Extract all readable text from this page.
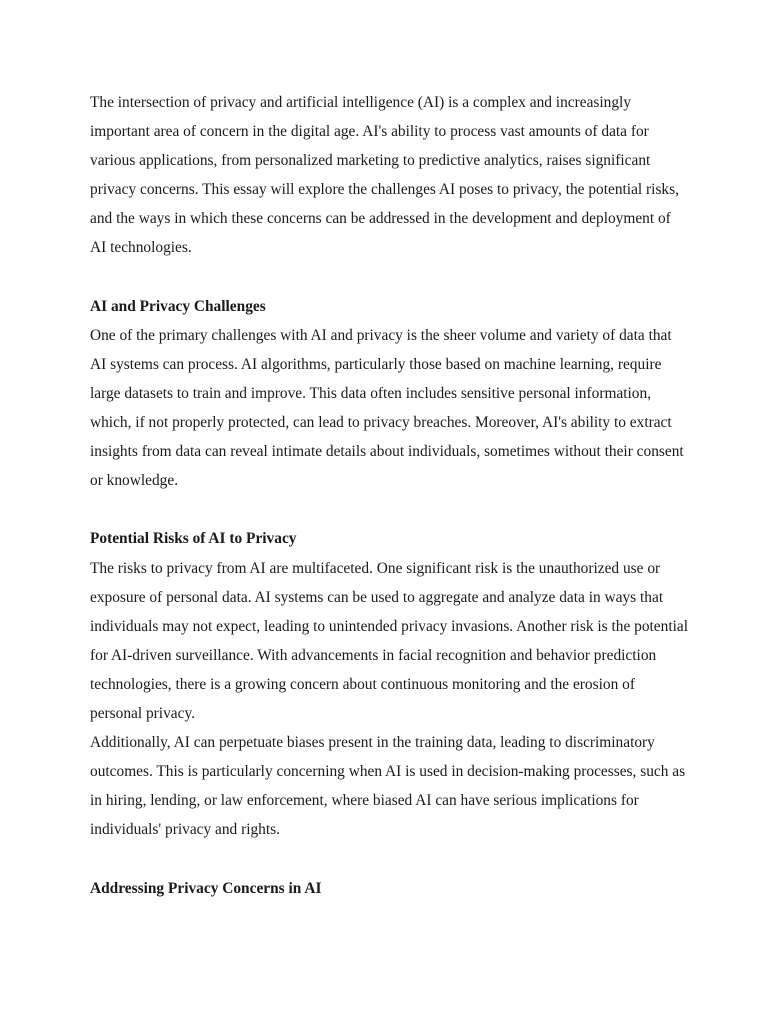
The intersection of privacy and artificial intelligence (AI) is a complex and increasingly important area of concern in the digital age. AI's ability to process vast amounts of data for various applications, from personalized marketing to predictive analytics, raises significant privacy concerns. This essay will explore the challenges AI poses to privacy, the potential risks, and the ways in which these concerns can be addressed in the development and deployment of AI technologies.

AI and Privacy Challenges

One of the primary challenges with AI and privacy is the sheer volume and variety of data that AI systems can process. AI algorithms, particularly those based on machine learning, require large datasets to train and improve. This data often includes sensitive personal information, which, if not properly protected, can lead to privacy breaches. Moreover, AI's ability to extract insights from data can reveal intimate details about individuals, sometimes without their consent or knowledge.

Potential Risks of AI to Privacy

The risks to privacy from AI are multifaceted. One significant risk is the unauthorized use or exposure of personal data. AI systems can be used to aggregate and analyze data in ways that individuals may not expect, leading to unintended privacy invasions. Another risk is the potential for AI-driven surveillance. With advancements in facial recognition and behavior prediction technologies, there is a growing concern about continuous monitoring and the erosion of personal privacy.

Additionally, AI can perpetuate biases present in the training data, leading to discriminatory outcomes. This is particularly concerning when AI is used in decision-making processes, such as in hiring, lending, or law enforcement, where biased AI can have serious implications for individuals' privacy and rights.

Addressing Privacy Concerns in AI
